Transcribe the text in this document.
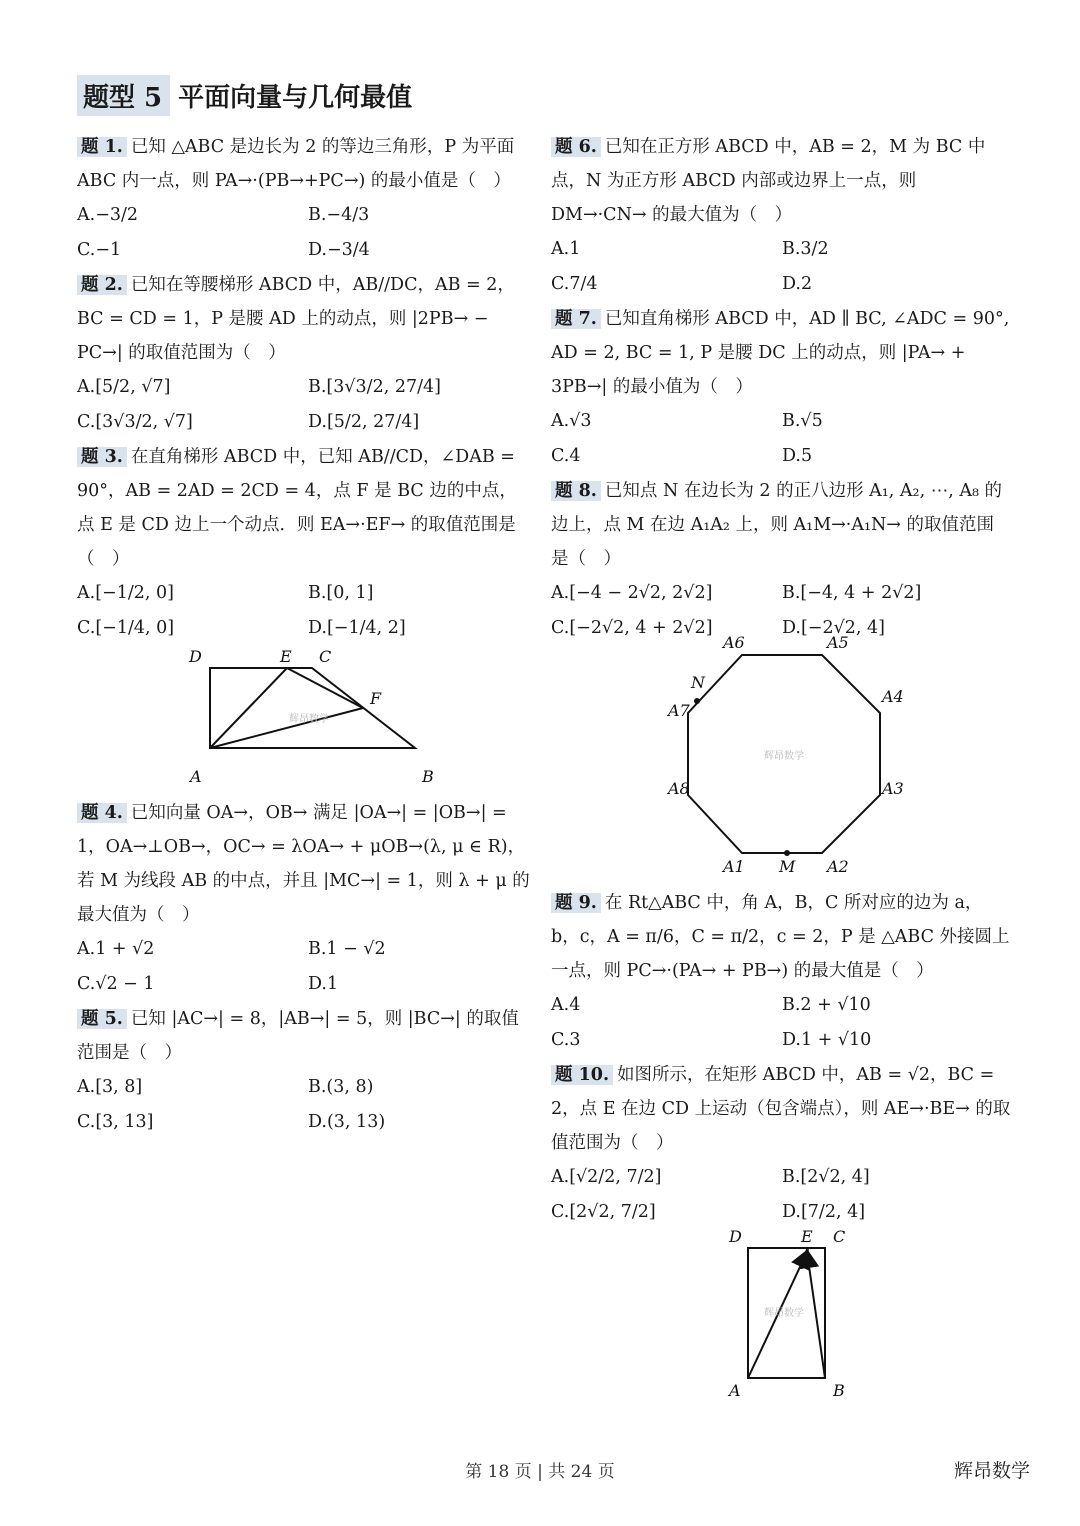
题型 5 平面向量与几何最值

题 1. 已知 △ABC 是边长为 2 的等边三角形，P 为平面 ABC 内一点，则 PA→·(PB→+PC→) 的最小值是（　）

A.−3/2	B.−4/3
C.−1	D.−3/4

题 2. 已知在等腰梯形 ABCD 中，AB//DC，AB = 2，BC = CD = 1，P 是腰 AD 上的动点，则 |2PB→ − PC→| 的取值范围为（　）

A.[5/2, √7]	B.[3√3/2, 27/4]
C.[3√3/2, √7]	D.[5/2, 27/4]

题 3. 在直角梯形 ABCD 中，已知 AB//CD，∠DAB = 90°，AB = 2AD = 2CD = 4，点 F 是 BC 边的中点，点 E 是 CD 边上一个动点．则 EA→·EF→ 的取值范围是（　）

A.[−1/2, 0]	B.[0, 1]
C.[−1/4, 0]	D.[−1/4, 2]
辉昂数学
D	E C
F
A	B

题 4. 已知向量 OA→，OB→ 满足 |OA→| = |OB→| = 1，OA→⊥OB→，OC→ = λOA→ + μOB→(λ, μ ∈ R)，若 M 为线段 AB 的中点，并且 |MC→| = 1，则 λ + μ 的最大值为（　）

A.1 + √2	B.1 − √2
C.√2 − 1	D.1

题 5. 已知 |AC→| = 8，|AB→| = 5，则 |BC→| 的取值范围是（　）

A.[3, 8]	B.(3, 8)
C.[3, 13]	D.(3, 13)

题 6. 已知在正方形 ABCD 中，AB = 2，M 为 BC 中点，N 为正方形 ABCD 内部或边界上一点，则 DM→·CN→ 的最大值为（　）

A.1	B.3/2
C.7/4	D.2

题 7. 已知直角梯形 ABCD 中，AD ∥ BC, ∠ADC = 90°, AD = 2, BC = 1, P 是腰 DC 上的动点，则 |PA→ + 3PB→| 的最小值为（　）

A.√3	B.√5
C.4	D.5

题 8. 已知点 N 在边长为 2 的正八边形 A₁, A₂, ⋯, A₈ 的边上，点 M 在边 A₁A₂ 上，则 A₁M→·A₁N→ 的取值范围是（　）

A.[−4 − 2√2, 2√2]	B.[−4, 4 + 2√2]
C.[−2√2, 4 + 2√2]	D.[−2√2, 4]
辉昂数学
A6	A5
N
A4
A7
A8	A3
A1 M A2

题 9. 在 Rt△ABC 中，角 A，B，C 所对应的边为 a，b，c，A = π/6，C = π/2，c = 2，P 是 △ABC 外接圆上一点，则 PC→·(PA→ + PB→) 的最大值是（　）

A.4	B.2 + √10
C.3	D.1 + √10

题 10. 如图所示，在矩形 ABCD 中，AB = √2，BC = 2，点 E 在边 CD 上运动（包含端点），则 AE→·BE→ 的取值范围为（　）

A.[√2/2, 7/2]	B.[2√2, 4]
C.[2√2, 7/2]	D.[7/2, 4]
辉昂数学
D	E C
A	B
第 18 页 | 共 24 页	辉昂数学
